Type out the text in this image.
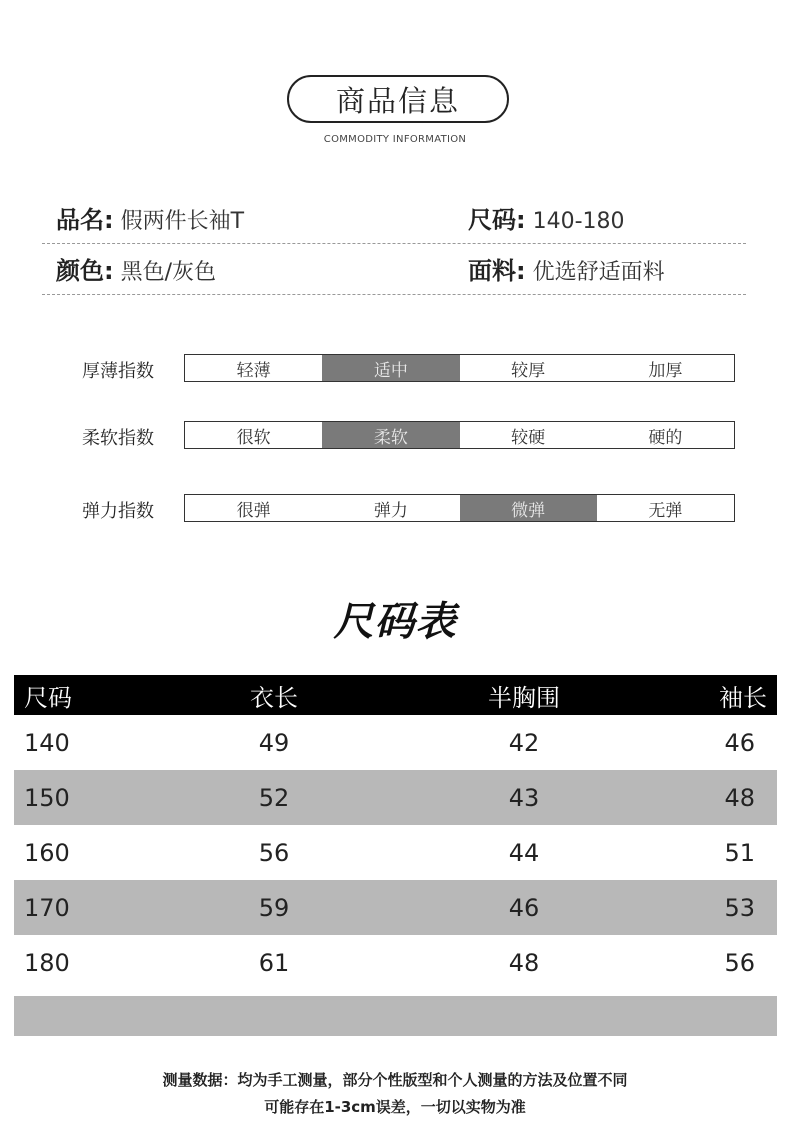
商品信息
COMMODITY INFORMATION
品名: 假两件长袖T	尺码: 140-180
颜色: 黑色/灰色	面料: 优选舒适面料
厚薄指数	轻薄	适中	较厚	加厚
柔软指数	很软	柔软	较硬	硬的
弹力指数	很弹	弹力	微弹	无弹
尺码表
尺码	衣长	半胸围	袖长
140	49	42	46
150	52	43	48
160	56	44	51
170	59	46	53
180	61	48	56
测量数据：均为手工测量，部分个性版型和个人测量的方法及位置不同
可能存在1-3cm误差，一切以实物为准
